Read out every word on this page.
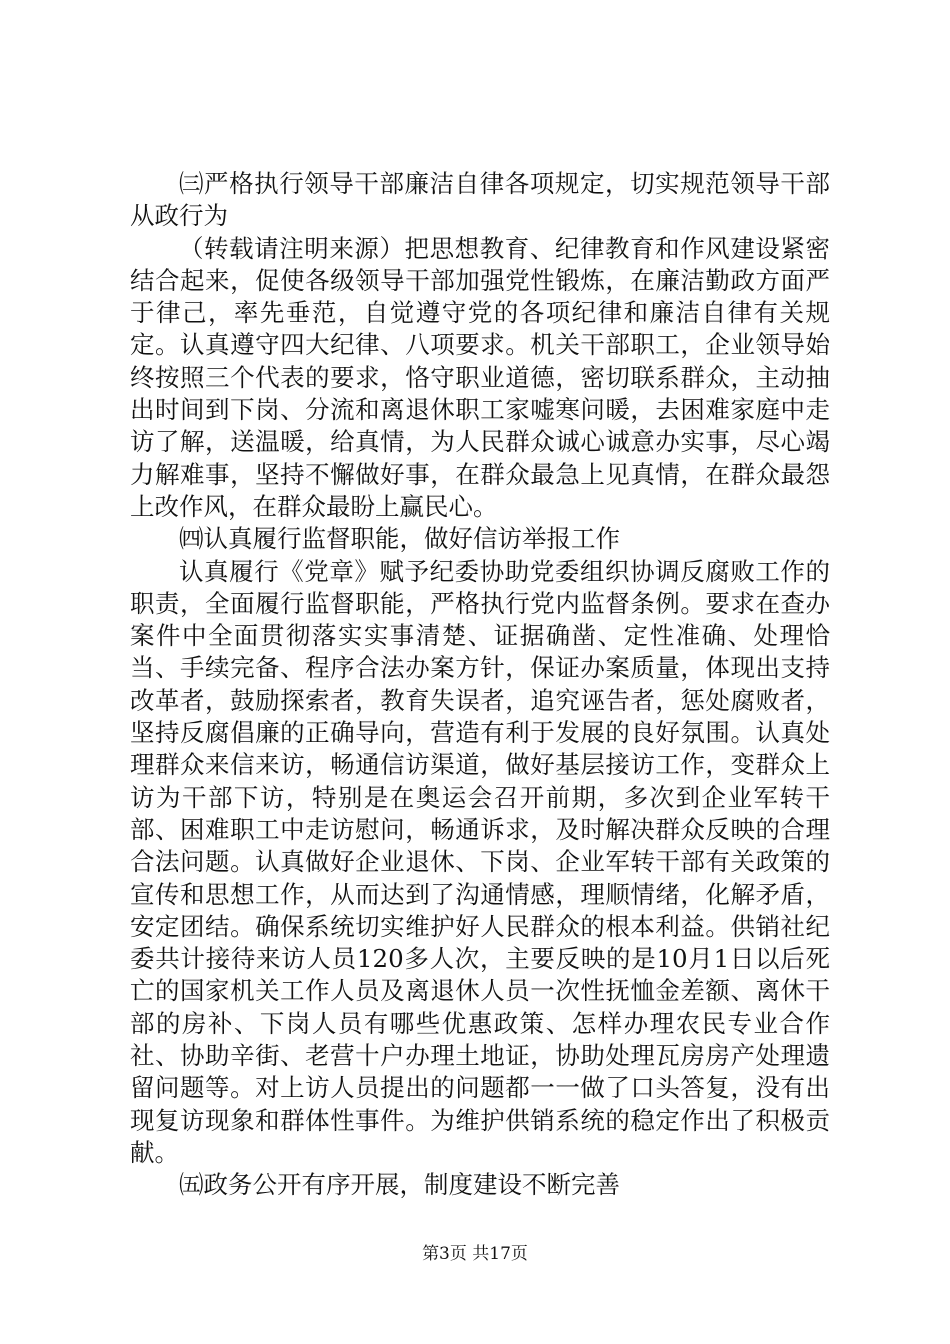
㈢严格执行领导干部廉洁自律各项规定，切实规范领导干部从政行为

（转载请注明来源）把思想教育、纪律教育和作风建设紧密结合起来，促使各级领导干部加强党性锻炼，在廉洁勤政方面严于律己，率先垂范，自觉遵守党的各项纪律和廉洁自律有关规定。认真遵守四大纪律、八项要求。机关干部职工，企业领导始终按照三个代表的要求，恪守职业道德，密切联系群众，主动抽出时间到下岗、分流和离退休职工家嘘寒问暖，去困难家庭中走访了解，送温暖，给真情，为人民群众诚心诚意办实事，尽心竭力解难事，坚持不懈做好事，在群众最急上见真情，在群众最怨上改作风，在群众最盼上赢民心。

㈣认真履行监督职能，做好信访举报工作

认真履行《党章》赋予纪委协助党委组织协调反腐败工作的职责，全面履行监督职能，严格执行党内监督条例。要求在查办案件中全面贯彻落实实事清楚、证据确凿、定性准确、处理恰当、手续完备、程序合法办案方针，保证办案质量，体现出支持改革者，鼓励探索者，教育失误者，追究诬告者，惩处腐败者，坚持反腐倡廉的正确导向，营造有利于发展的良好氛围。认真处理群众来信来访，畅通信访渠道，做好基层接访工作，变群众上访为干部下访，特别是在奥运会召开前期，多次到企业军转干部、困难职工中走访慰问，畅通诉求，及时解决群众反映的合理合法问题。认真做好企业退休、下岗、企业军转干部有关政策的宣传和思想工作，从而达到了沟通情感，理顺情绪，化解矛盾，安定团结。确保系统切实维护好人民群众的根本利益。供销社纪委共计接待来访人员120多人次，主要反映的是10月1日以后死亡的国家机关工作人员及离退休人员一次性抚恤金差额、离休干部的房补、下岗人员有哪些优惠政策、怎样办理农民专业合作社、协助辛街、老营十户办理土地证，协助处理瓦房房产处理遗留问题等。对上访人员提出的问题都一一做了口头答复，没有出现复访现象和群体性事件。为维护供销系统的稳定作出了积极贡献。

㈤政务公开有序开展，制度建设不断完善

第3页 共17页
